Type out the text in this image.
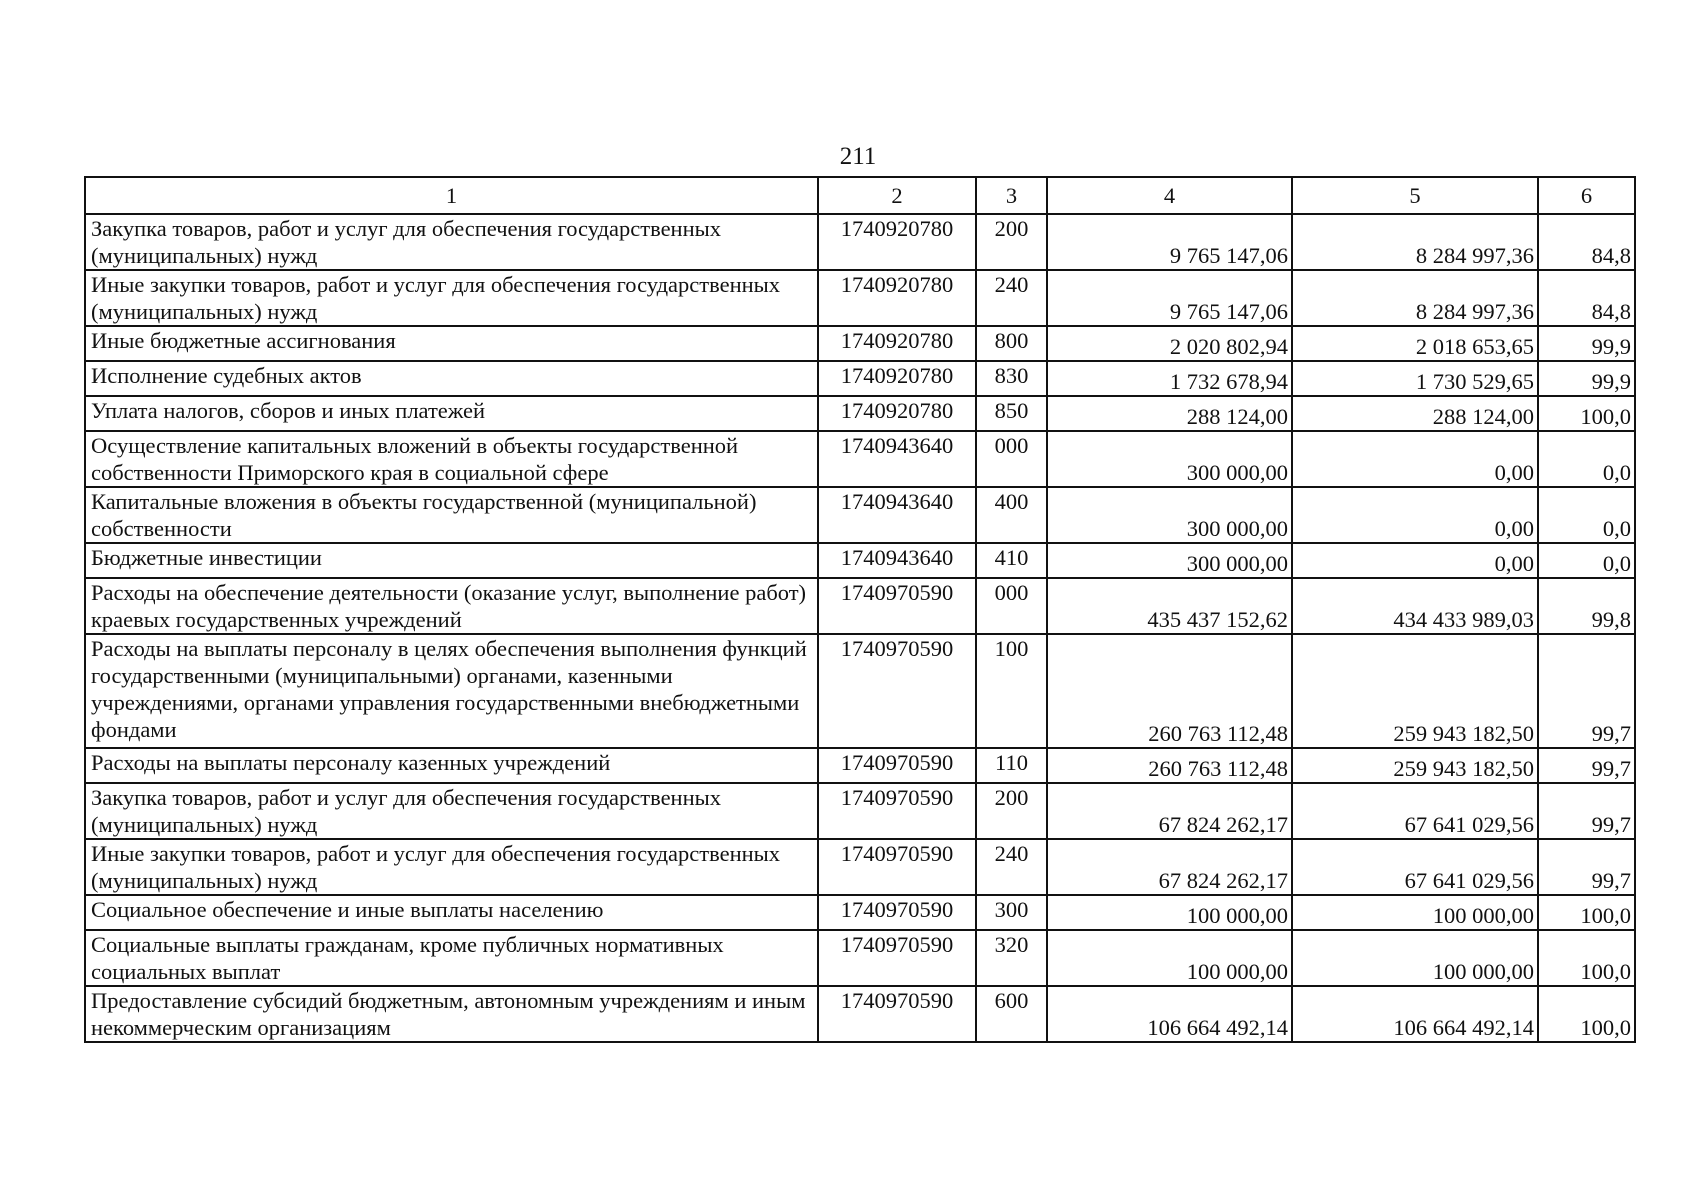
211
1	2	3	4	5	6
Закупка товаров, работ и услуг для обеспечения государственных (муниципальных) нужд	1740920780	200	9 765 147,06	8 284 997,36	84,8
Иные закупки товаров, работ и услуг для обеспечения государственных (муниципальных) нужд	1740920780	240	9 765 147,06	8 284 997,36	84,8
Иные бюджетные ассигнования	1740920780	800	2 020 802,94	2 018 653,65	99,9
Исполнение судебных актов	1740920780	830	1 732 678,94	1 730 529,65	99,9
Уплата налогов, сборов и иных платежей	1740920780	850	288 124,00	288 124,00	100,0
Осуществление капитальных вложений в объекты государственной собственности Приморского края в социальной сфере	1740943640	000	300 000,00	0,00	0,0
Капитальные вложения в объекты государственной (муниципальной) собственности	1740943640	400	300 000,00	0,00	0,0
Бюджетные инвестиции	1740943640	410	300 000,00	0,00	0,0
Расходы на обеспечение деятельности (оказание услуг, выполнение работ) краевых государственных учреждений	1740970590	000	435 437 152,62	434 433 989,03	99,8
Расходы на выплаты персоналу в целях обеспечения выполнения функций государственными (муниципальными) органами, казенными учреждениями, органами управления государственными внебюджетными фондами	1740970590	100	260 763 112,48	259 943 182,50	99,7
Расходы на выплаты персоналу казенных учреждений	1740970590	110	260 763 112,48	259 943 182,50	99,7
Закупка товаров, работ и услуг для обеспечения государственных (муниципальных) нужд	1740970590	200	67 824 262,17	67 641 029,56	99,7
Иные закупки товаров, работ и услуг для обеспечения государственных (муниципальных) нужд	1740970590	240	67 824 262,17	67 641 029,56	99,7
Социальное обеспечение и иные выплаты населению	1740970590	300	100 000,00	100 000,00	100,0
Социальные выплаты гражданам, кроме публичных нормативных социальных выплат	1740970590	320	100 000,00	100 000,00	100,0
Предоставление субсидий бюджетным, автономным учреждениям и иным некоммерческим организациям	1740970590	600	106 664 492,14	106 664 492,14	100,0
